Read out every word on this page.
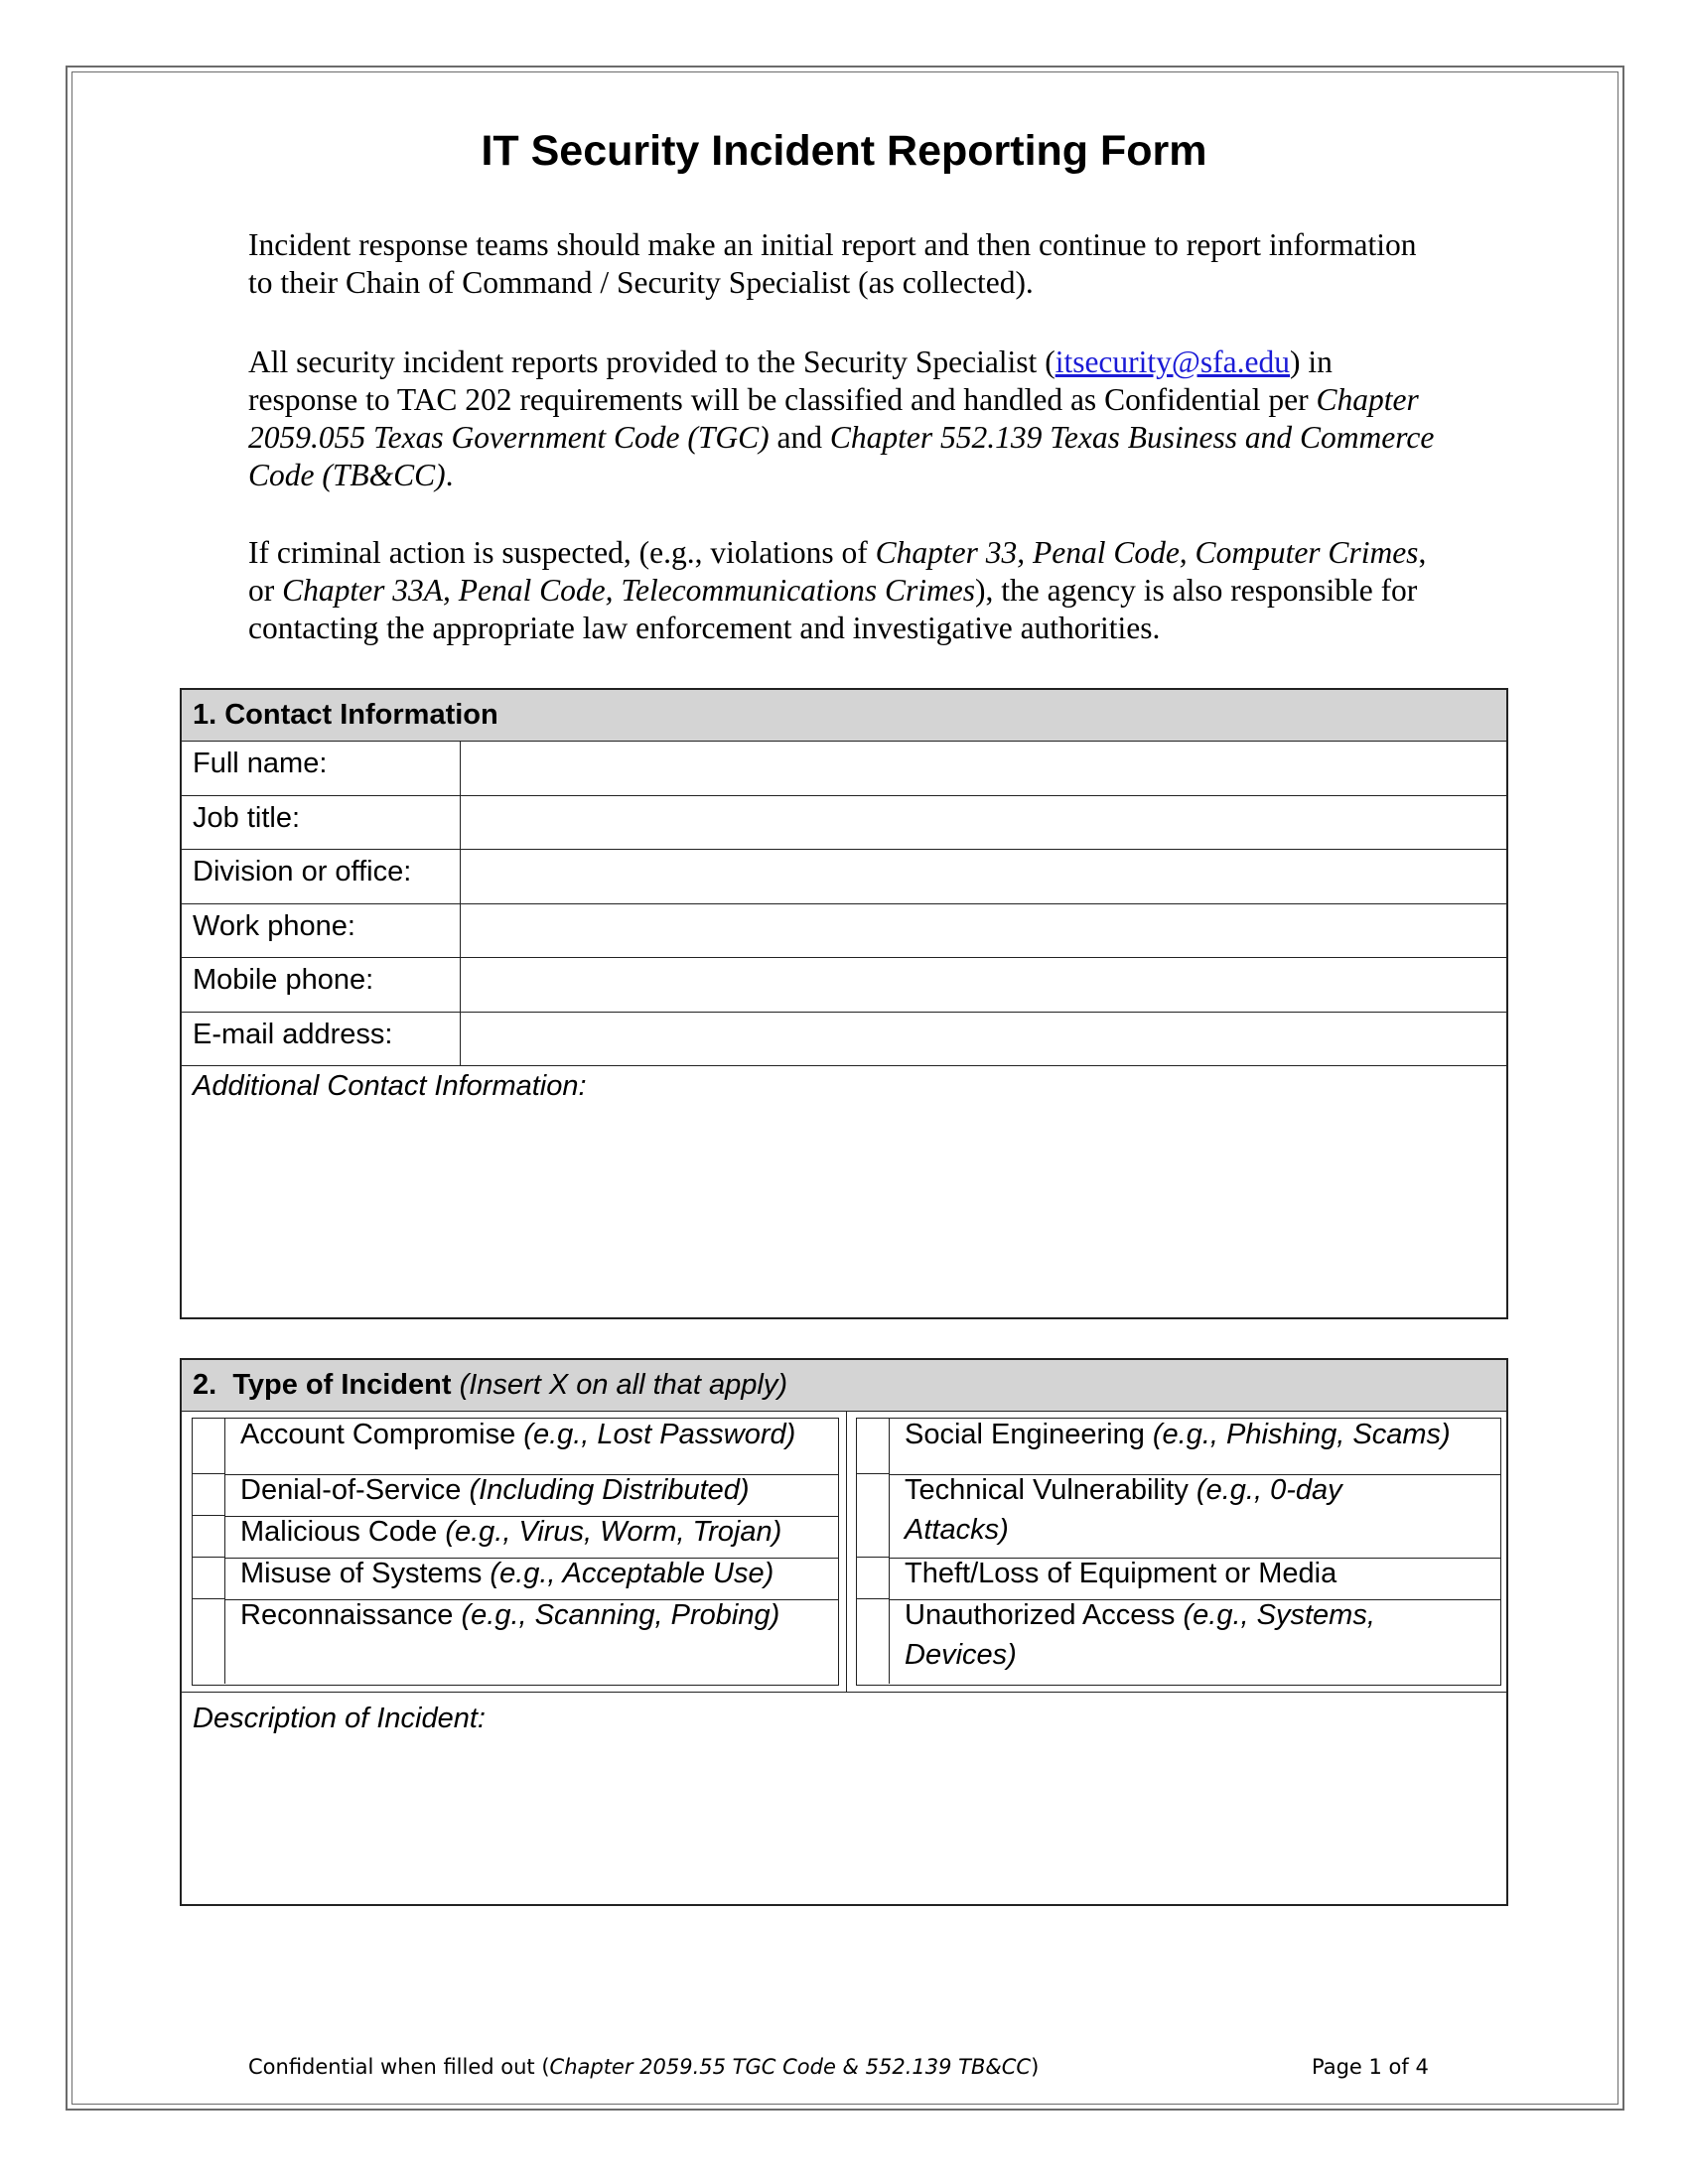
IT Security Incident Reporting Form

Incident response teams should make an initial report and then continue to report information to their Chain of Command / Security Specialist (as collected).

All security incident reports provided to the Security Specialist (itsecurity@sfa.edu) in response to TAC 202 requirements will be classified and handled as Confidential per Chapter 2059.055 Texas Government Code (TGC) and Chapter 552.139 Texas Business and Commerce Code (TB&CC).

If criminal action is suspected, (e.g., violations of Chapter 33, Penal Code, Computer Crimes, or Chapter 33A, Penal Code, Telecommunications Crimes), the agency is also responsible for contacting the appropriate law enforcement and investigative authorities.

1. Contact Information
Full name:
Job title:
Division or office:
Work phone:
Mobile phone:
E-mail address:
Additional Contact Information:
2. Type of Incident (Insert X on all that apply)
Account Compromise (e.g., Lost Password)
Denial-of-Service (Including Distributed)
Malicious Code (e.g., Virus, Worm, Trojan)
Misuse of Systems (e.g., Acceptable Use)
Reconnaissance (e.g., Scanning, Probing)
Social Engineering (e.g., Phishing, Scams)
Technical Vulnerability (e.g., 0-day
Attacks)
Theft/Loss of Equipment or Media
Unauthorized Access (e.g., Systems,
Devices)
Description of Incident:
Confidential when filled out (Chapter 2059.55 TGC Code & 552.139 TB&CC)	Page 1 of 4
